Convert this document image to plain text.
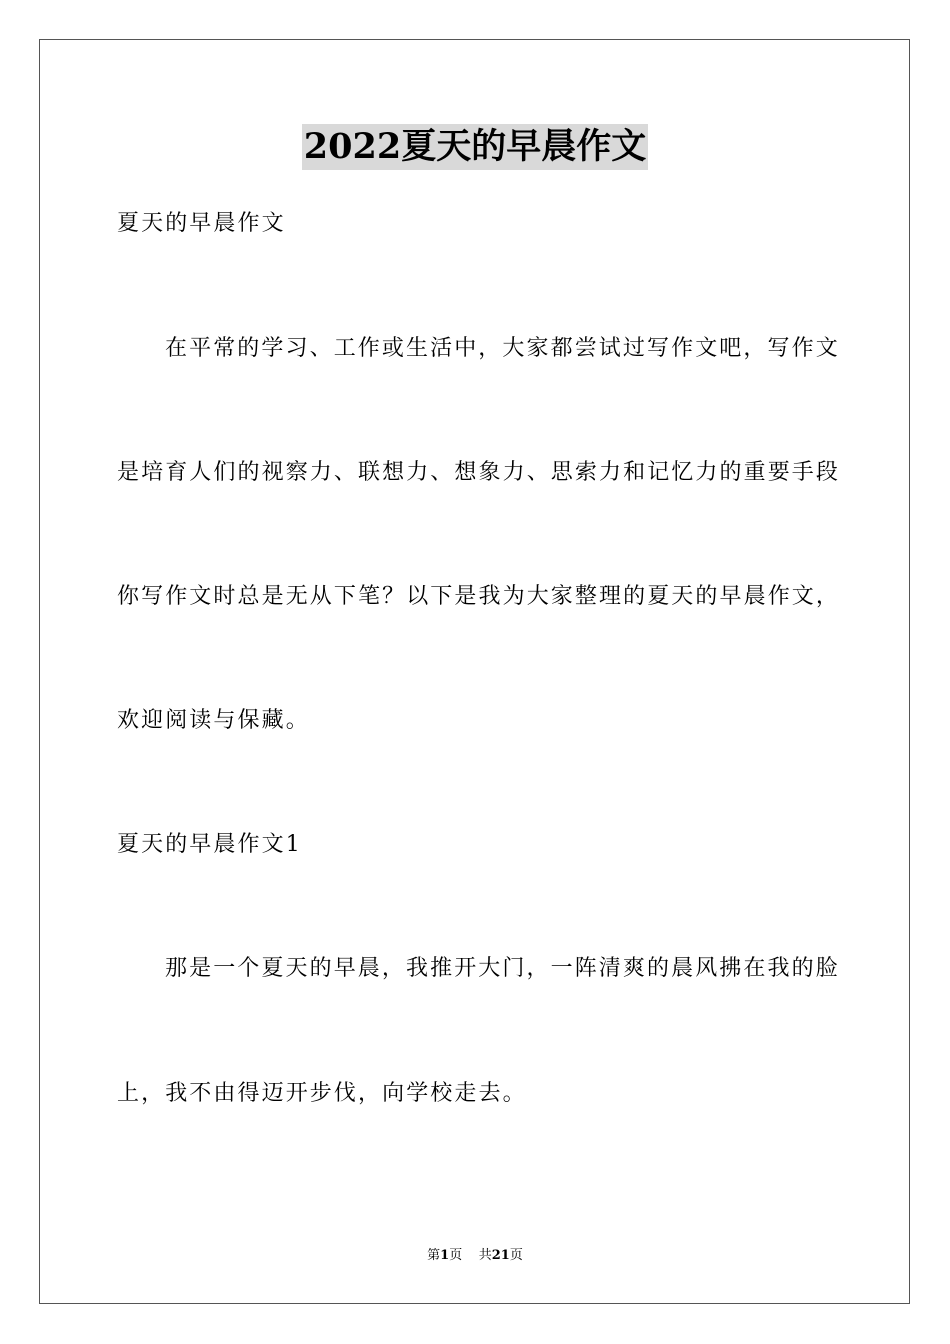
2022夏天的早晨作文
夏天的早晨作文
在平常的学习、工作或生活中，大家都尝试过写作文吧，写作文
是培育人们的视察力、联想力、想象力、思索力和记忆力的重要手段
你写作文时总是无从下笔？以下是我为大家整理的夏天的早晨作文，
欢迎阅读与保藏。
夏天的早晨作文1
那是一个夏天的早晨，我推开大门，一阵清爽的晨风拂在我的脸
上，我不由得迈开步伐，向学校走去。
第1页 共21页
